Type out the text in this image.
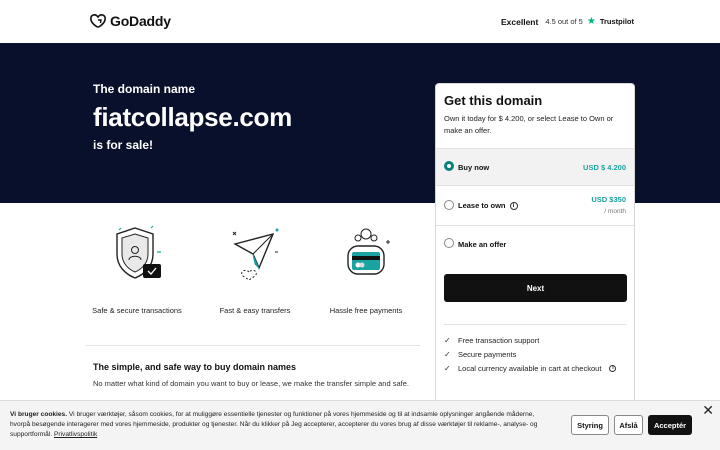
GoDaddy	Excellent 4.5 out of 5 ★ Trustpilot
The domain name
fiatcollapse.com
is for sale!
Safe & secure transactions	Fast & easy transfers	Hassle free payments
The simple, and safe way to buy domain names
No matter what kind of domain you want to buy or lease, we make the transfer simple and safe.
Get this domain
Own it today for $ 4.200, or select Lease to Own or make an offer.
Buy now	USD $ 4.200
Lease to own i
USD $350
/ month
Make an offer
Next
✓ Free transaction support
✓ Secure payments
✓ Local currency available in cart at checkout	i
Vi bruger cookies. Vi bruger værktøjer, såsom cookies, for at muliggøre essentielle tjenester og funktioner på vores hjemmeside og til at indsamle oplysninger angående måderne, hvorpå besøgende interagerer med vores hjemmeside, produkter og tjenester. Når du klikker på Jeg accepterer, accepterer du vores brug af disse værktøjer til reklame-, analyse- og supportformål. Privatlivspolitik
Styring	Afslå	Acceptér
✕
